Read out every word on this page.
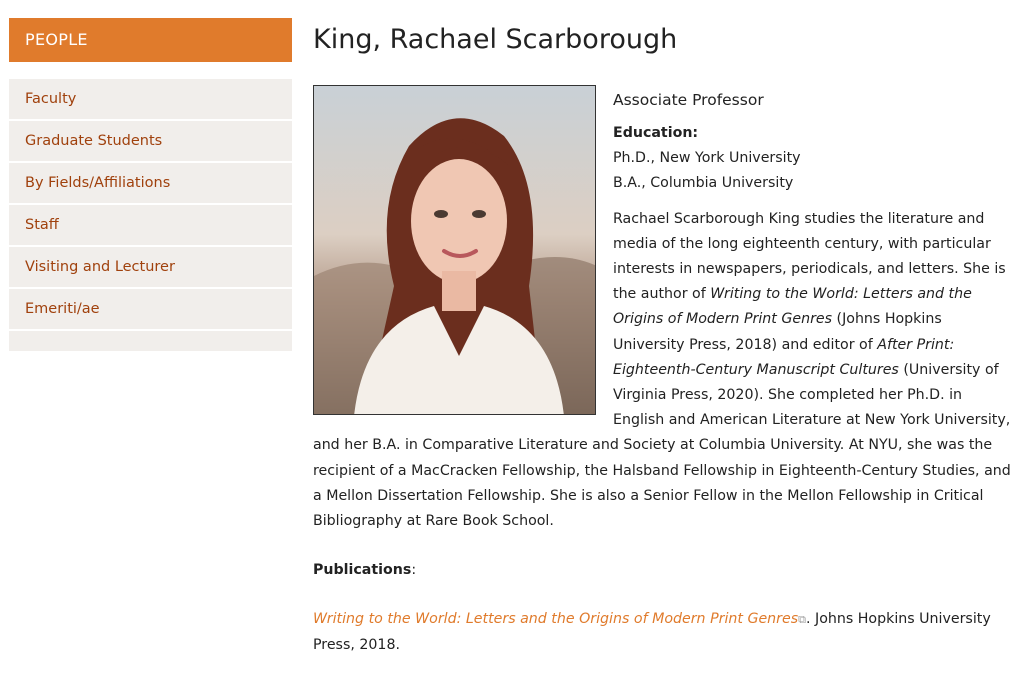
PEOPLE
Faculty
Graduate Students
By Fields/Affiliations
Staff
Visiting and Lecturer
Emeriti/ae
King, Rachael Scarborough

Associate Professor

Education:
Ph.D., New York University
B.A., Columbia University

Rachael Scarborough King studies the literature and media of the long eighteenth century, with particular interests in newspapers, periodicals, and letters. She is the author of Writing to the World: Letters and the Origins of Modern Print Genres (Johns Hopkins University Press, 2018) and editor of After Print: Eighteenth-Century Manuscript Cultures (University of Virginia Press, 2020). She completed her Ph.D. in English and American Literature at New York University, and her B.A. in Comparative Literature and Society at Columbia University. At NYU, she was the recipient of a MacCracken Fellowship, the Halsband Fellowship in Eighteenth-Century Studies, and a Mellon Dissertation Fellowship. She is also a Senior Fellow in the Mellon Fellowship in Critical Bibliography at Rare Book School.

Publications:

Writing to the World: Letters and the Origins of Modern Print Genres⧉. Johns Hopkins University Press, 2018.
